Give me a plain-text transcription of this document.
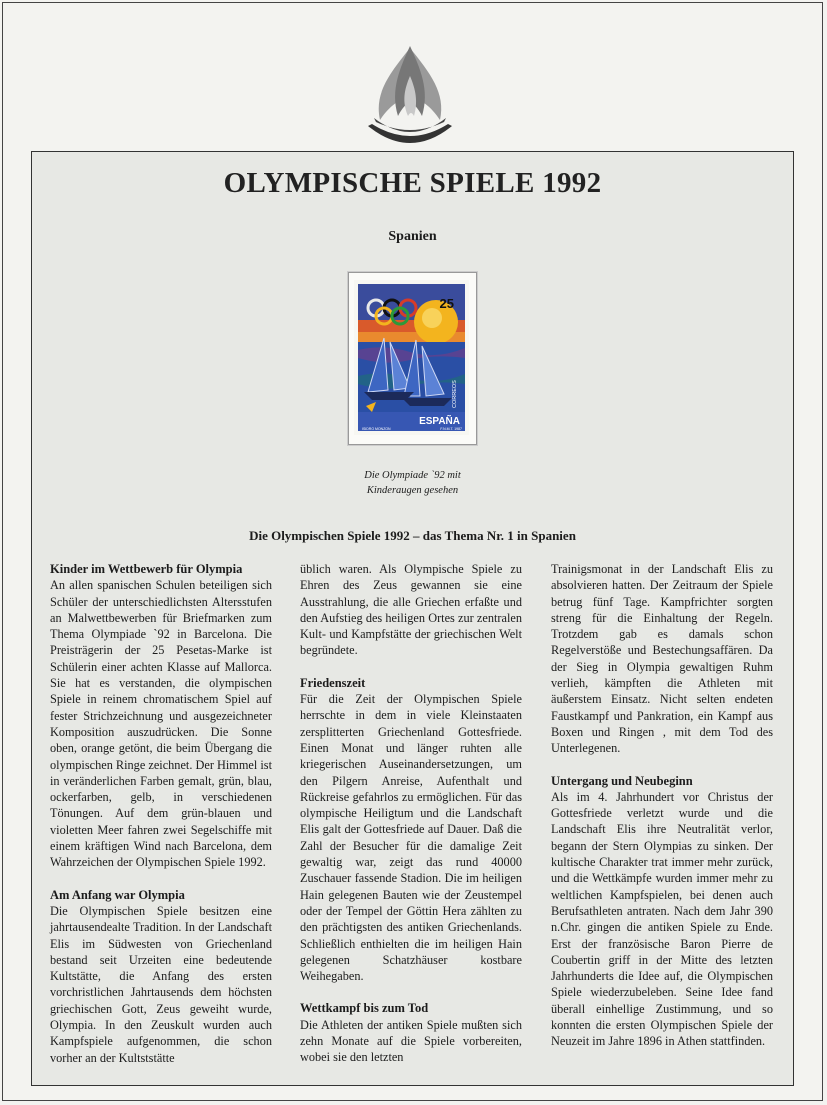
OLYMPISCHE SPIELE 1992
Spanien
25
ESPAÑA
CORREOS
ISIDRO MONZON	F.N.M.T. 1987
Die Olympiade `92 mit
Kinderaugen gesehen
Die Olympischen Spiele 1992 – das Thema Nr. 1 in Spanien
Kinder im Wettbewerb für Olympia

An allen spanischen Schulen beteiligen sich Schüler der unterschiedlichsten Altersstufen an Malwettbewerben für Briefmarken zum Thema Olympiade `92 in Barcelona. Die Preisträgerin der 25 Pesetas-Marke ist Schülerin einer achten Klasse auf Mallorca. Sie hat es verstanden, die olympischen Spiele in reinem chromatischem Spiel auf fester Strichzeichnung und ausgezeichneter Komposition auszudrücken. Die Sonne oben, orange getönt, die beim Übergang die olympischen Ringe zeichnet. Der Himmel ist in veränderlichen Farben gemalt, grün, blau, ockerfarben, gelb, in verschiedenen Tönungen. Auf dem grün-blauen und violetten Meer fahren zwei Segelschiffe mit einem kräftigen Wind nach Barcelona, dem Wahrzeichen der Olympischen Spiele 1992.

Am Anfang war Olympia

Die Olympischen Spiele besitzen eine jahrtausendealte Tradition. In der Landschaft Elis im Südwesten von Griechenland bestand seit Urzeiten eine bedeutende Kultstätte, die Anfang des ersten vorchristlichen Jahrtausends dem höchsten griechischen Gott, Zeus geweiht wurde, Olympia. In den Zeuskult wurden auch Kampfspiele aufgenommen, die schon vorher an der Kultststätte

üblich waren. Als Olympische Spiele zu Ehren des Zeus gewannen sie eine Ausstrahlung, die alle Griechen erfaßte und den Aufstieg des heiligen Ortes zur zentralen Kult- und Kampfstätte der griechischen Welt begründete.

Friedenszeit

Für die Zeit der Olympischen Spiele herrschte in dem in viele Kleinstaaten zersplitterten Griechenland Gottesfriede. Einen Monat und länger ruhten alle kriegerischen Auseinandersetzungen, um den Pilgern Anreise, Aufenthalt und Rückreise gefahrlos zu ermöglichen. Für das olympische Heiligtum und die Landschaft Elis galt der Gottesfriede auf Dauer. Daß die Zahl der Besucher für die damalige Zeit gewaltig war, zeigt das rund 40000 Zuschauer fassende Stadion. Die im heiligen Hain gelegenen Bauten wie der Zeustempel oder der Tempel der Göttin Hera zählten zu den prächtigsten des antiken Griechenlands. Schließlich enthielten die im heiligen Hain gelegenen Schatzhäuser kostbare Weihegaben.

Wettkampf bis zum Tod

Die Athleten der antiken Spiele mußten sich zehn Monate auf die Spiele vorbereiten, wobei sie den letzten

Trainigsmonat in der Landschaft Elis zu absolvieren hatten. Der Zeitraum der Spiele betrug fünf Tage. Kampfrichter sorgten streng für die Einhaltung der Regeln. Trotzdem gab es damals schon Regelverstöße und Bestechungsaffären. Da der Sieg in Olympia gewaltigen Ruhm verlieh, kämpften die Athleten mit äußerstem Einsatz. Nicht selten endeten Faustkampf und Pankration, ein Kampf aus Boxen und Ringen , mit dem Tod des Unterlegenen.

Untergang und Neubeginn

Als im 4. Jahrhundert vor Christus der Gottesfriede verletzt wurde und die Landschaft Elis ihre Neutralität verlor, begann der Stern Olympias zu sinken. Der kultische Charakter trat immer mehr zurück, und die Wettkämpfe wurden immer mehr zu weltlichen Kampfspielen, bei denen auch Berufsathleten antraten. Nach dem Jahr 390 n.Chr. gingen die antiken Spiele zu Ende. Erst der französische Baron Pierre de Coubertin griff in der Mitte des letzten Jahrhunderts die Idee auf, die Olympischen Spiele wiederzubeleben. Seine Idee fand überall einhellige Zustimmung, und so konnten die ersten Olympischen Spiele der Neuzeit im Jahre 1896 in Athen stattfinden.
